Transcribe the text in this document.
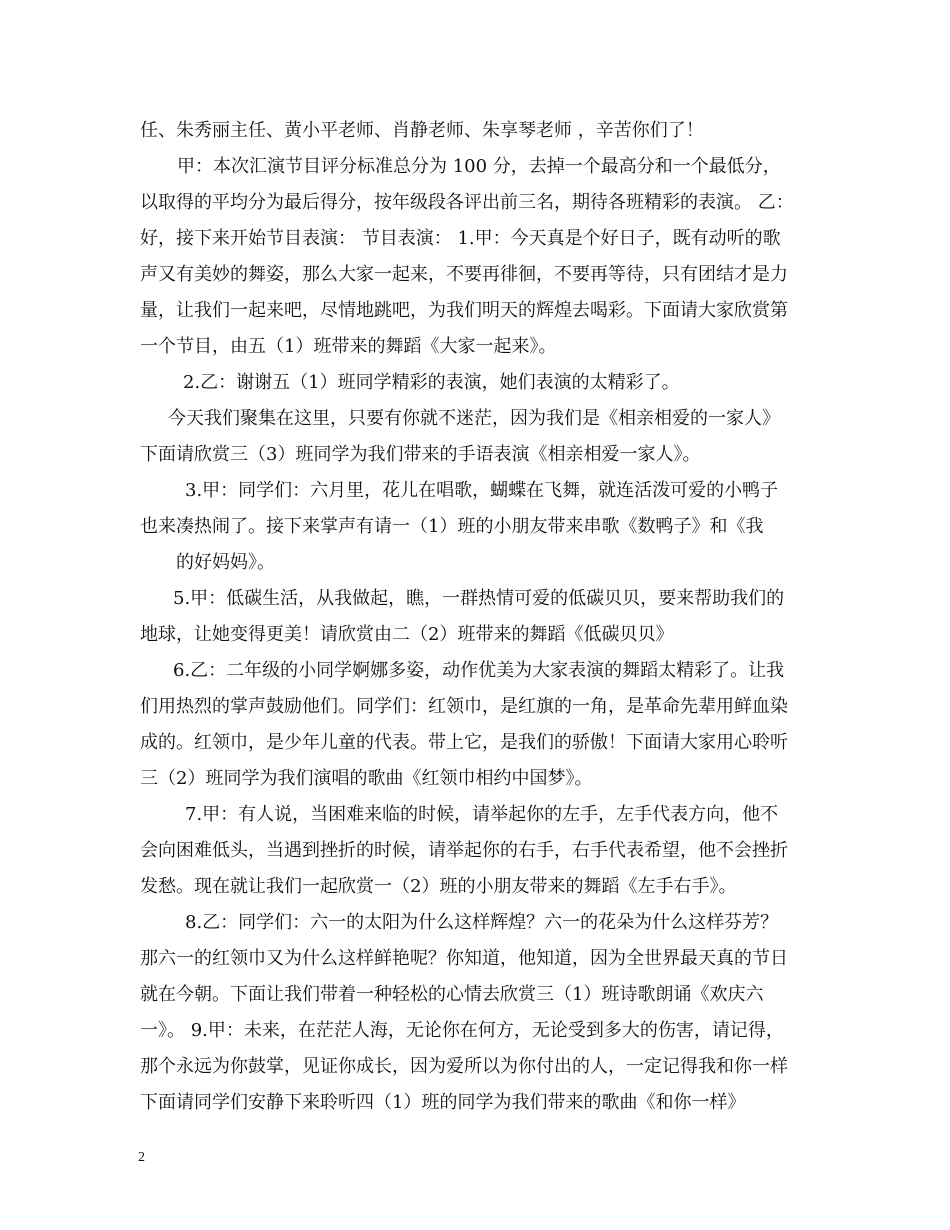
任、朱秀丽主任、黄小平老师、肖静老师、朱享琴老师 ，辛苦你们了！
甲：本次汇演节目评分标准总分为 100 分，去掉一个最高分和一个最低分，
以取得的平均分为最后得分，按年级段各评出前三名，期待各班精彩的表演。 乙：
好，接下来开始节目表演： 节目表演： 1.甲：今天真是个好日子，既有动听的歌
声又有美妙的舞姿，那么大家一起来，不要再徘徊，不要再等待，只有团结才是力
量，让我们一起来吧，尽情地跳吧，为我们明天的辉煌去喝彩。下面请大家欣赏第
一个节目，由五（1）班带来的舞蹈《大家一起来》。
2.乙：谢谢五（1）班同学精彩的表演，她们表演的太精彩了。
今天我们聚集在这里，只要有你就不迷茫，因为我们是《相亲相爱的一家人》
下面请欣赏三（3）班同学为我们带来的手语表演《相亲相爱一家人》。
3.甲：同学们：六月里，花儿在唱歌，蝴蝶在飞舞，就连活泼可爱的小鸭子
也来凑热闹了。接下来掌声有请一（1）班的小朋友带来串歌《数鸭子》和《我
的好妈妈》。
5.甲：低碳生活，从我做起，瞧，一群热情可爱的低碳贝贝，要来帮助我们的
地球，让她变得更美！请欣赏由二（2）班带来的舞蹈《低碳贝贝》
6.乙：二年级的小同学婀娜多姿，动作优美为大家表演的舞蹈太精彩了。让我
们用热烈的掌声鼓励他们。同学们：红领巾，是红旗的一角，是革命先辈用鲜血染
成的。红领巾，是少年儿童的代表。带上它，是我们的骄傲！下面请大家用心聆听
三（2）班同学为我们演唱的歌曲《红领巾相约中国梦》。
7.甲：有人说，当困难来临的时候，请举起你的左手，左手代表方向，他不
会向困难低头，当遇到挫折的时候，请举起你的右手，右手代表希望，他不会挫折
发愁。现在就让我们一起欣赏一（2）班的小朋友带来的舞蹈《左手右手》。
8.乙：同学们：六一的太阳为什么这样辉煌？六一的花朵为什么这样芬芳？
那六一的红领巾又为什么这样鲜艳呢？你知道，他知道，因为全世界最天真的节日
就在今朝。下面让我们带着一种轻松的心情去欣赏三（1）班诗歌朗诵《欢庆六
一》。 9.甲：未来，在茫茫人海，无论你在何方，无论受到多大的伤害，请记得，
那个永远为你鼓掌，见证你成长，因为爱所以为你付出的人，一定记得我和你一样
下面请同学们安静下来聆听四（1）班的同学为我们带来的歌曲《和你一样》
2
